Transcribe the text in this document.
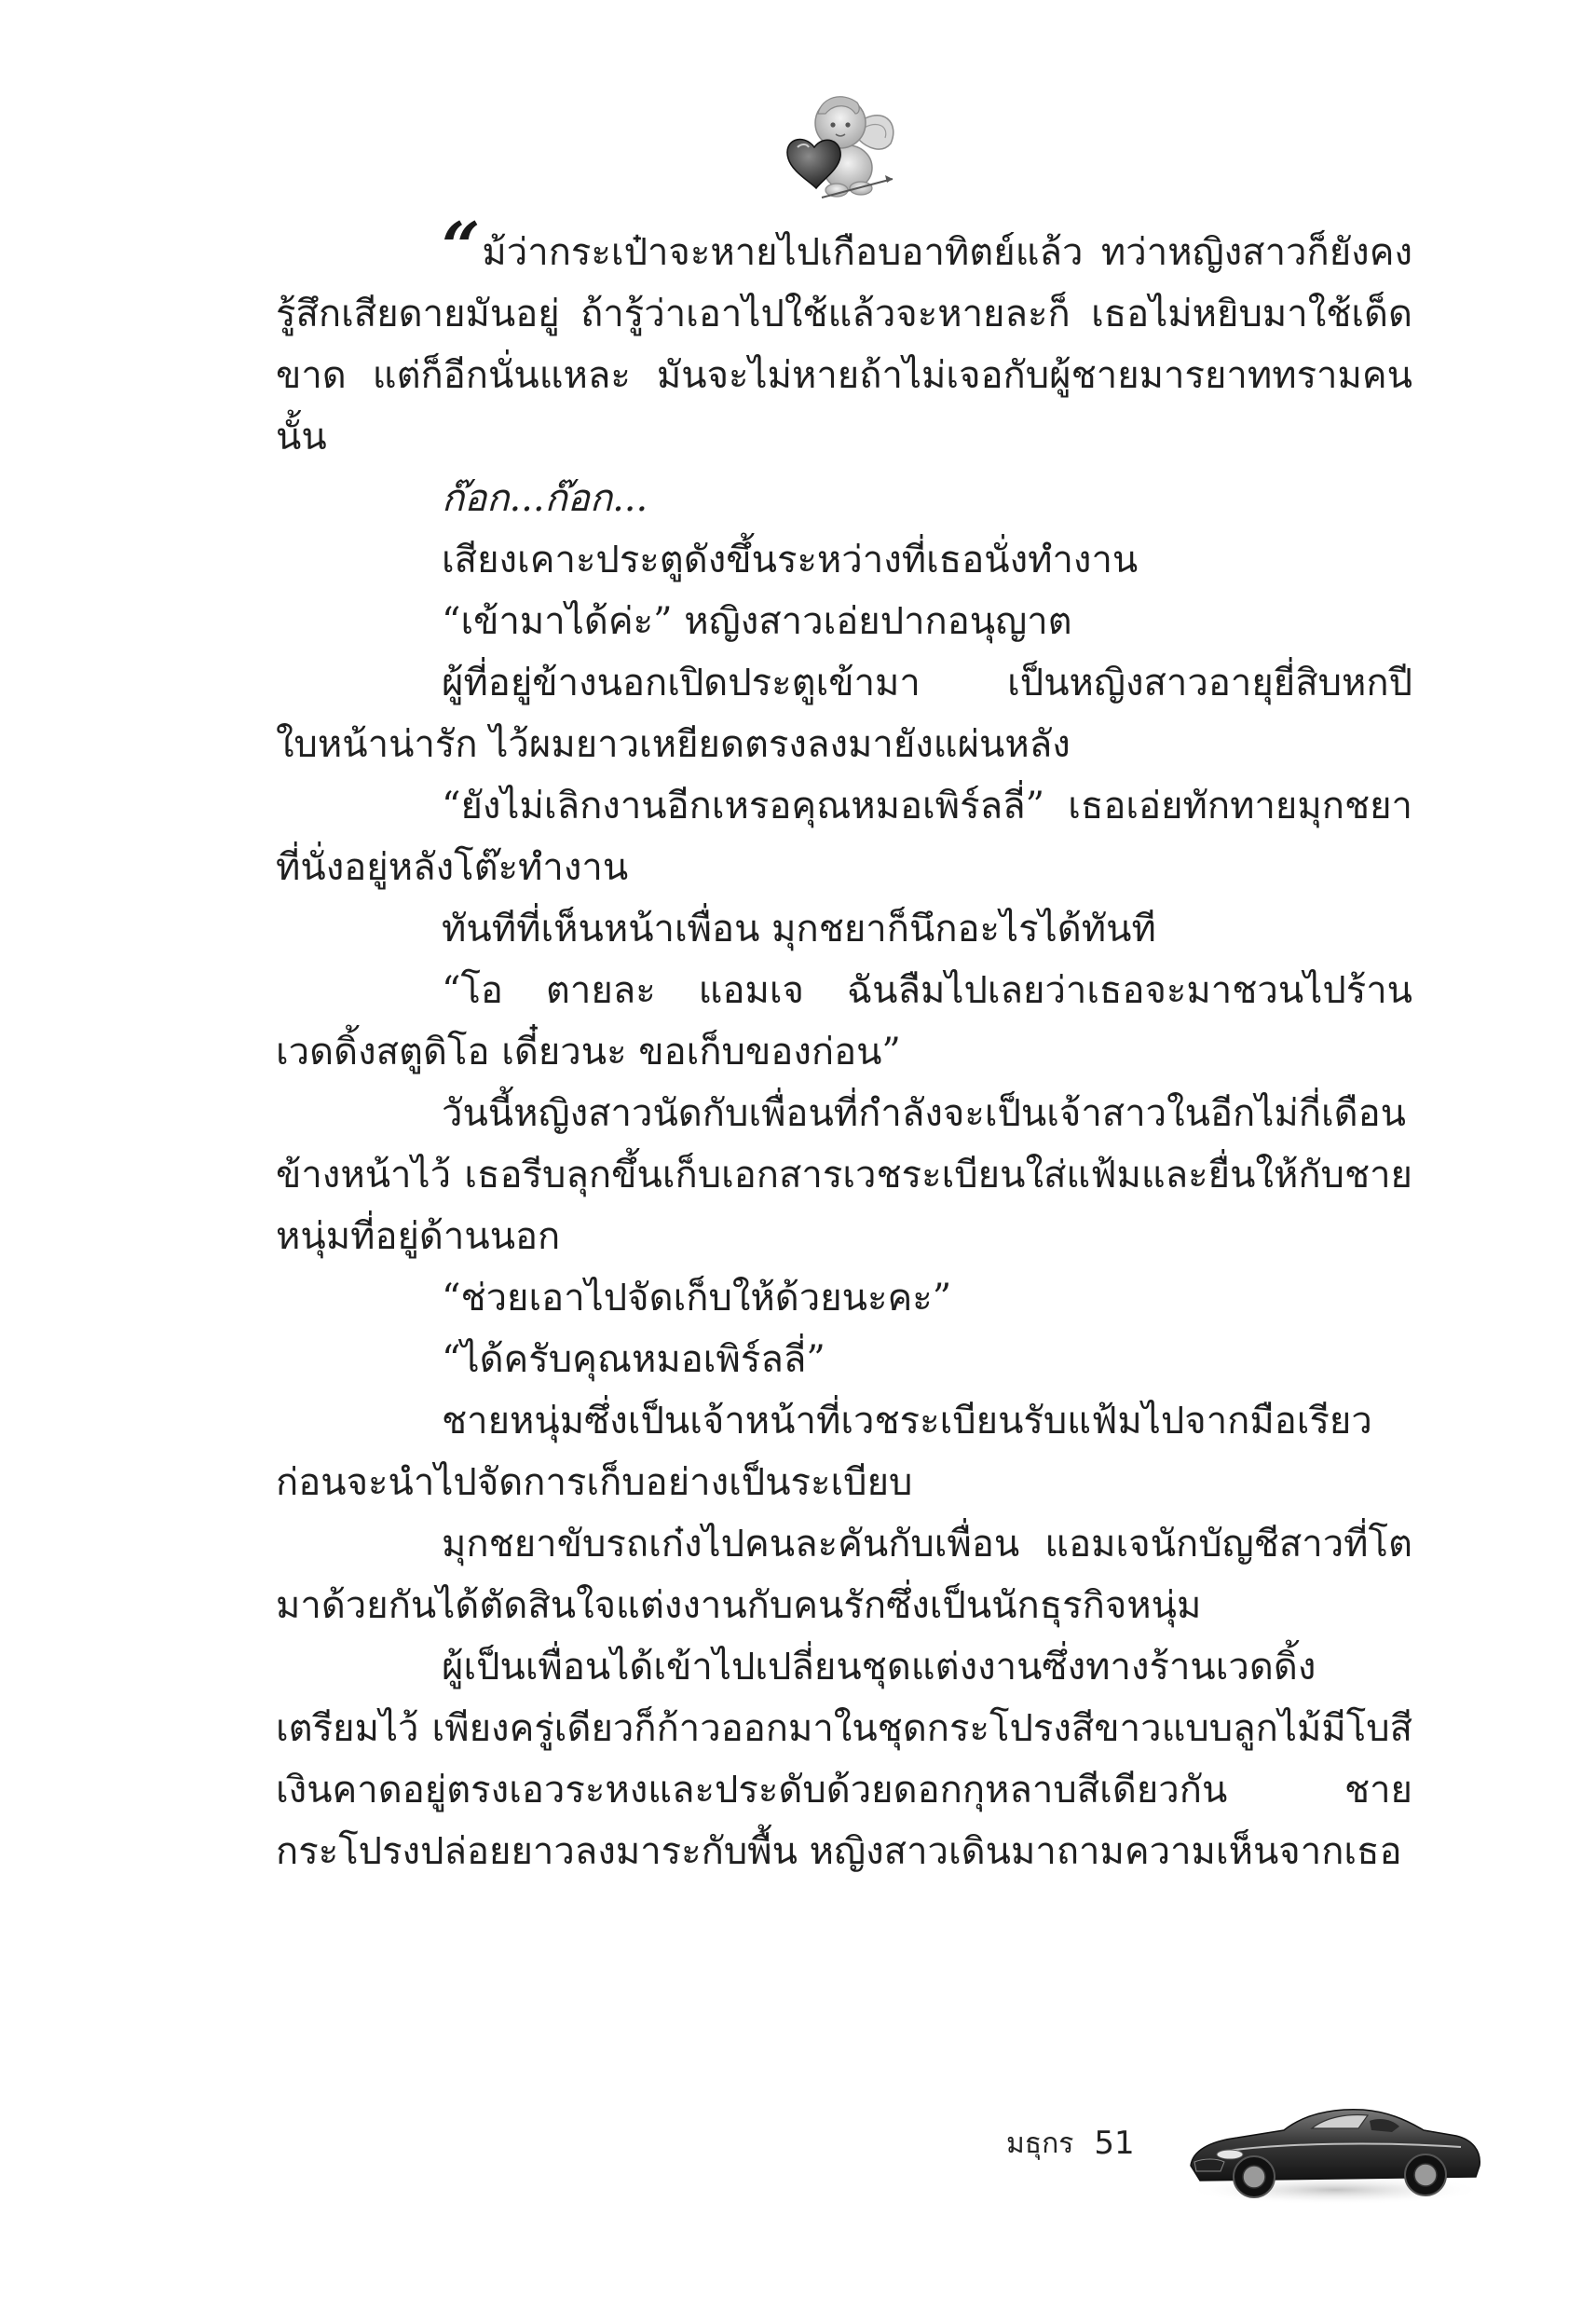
“ม้ว่ากระเป๋าจะหายไปเกือบอาทิตย์แล้ว ทว่าหญิงสาวก็ยังคงรู้สึกเสียดายมันอยู่ ถ้ารู้ว่าเอาไปใช้แล้วจะหายละก็ เธอไม่หยิบมาใช้เด็ดขาด แต่ก็อีกนั่นแหละ มันจะไม่หายถ้าไม่เจอกับผู้ชายมารยาททรามคนนั้น

ก๊อก...ก๊อก...

เสียงเคาะประตูดังขึ้นระหว่างที่เธอนั่งทำงาน

“เข้ามาได้ค่ะ” หญิงสาวเอ่ยปากอนุญาต

ผู้ที่อยู่ข้างนอกเปิดประตูเข้ามา เป็นหญิงสาวอายุยี่สิบหกปี ใบหน้าน่ารัก ไว้ผมยาวเหยียดตรงลงมายังแผ่นหลัง

“ยังไม่เลิกงานอีกเหรอคุณหมอเพิร์ลลี่” เธอเอ่ยทักทายมุกชยาที่นั่งอยู่หลังโต๊ะทำงาน

ทันทีที่เห็นหน้าเพื่อน มุกชยาก็นึกอะไรได้ทันที

“โอ ตายละ แอมเจ ฉันลืมไปเลยว่าเธอจะมาชวนไปร้านเวดดิ้งสตูดิโอ เดี๋ยวนะ ขอเก็บของก่อน”

วันนี้หญิงสาวนัดกับเพื่อนที่กำลังจะเป็นเจ้าสาวในอีกไม่กี่เดือนข้างหน้าไว้ เธอรีบลุกขึ้นเก็บเอกสารเวชระเบียนใส่แฟ้มและยื่นให้กับชายหนุ่มที่อยู่ด้านนอก

“ช่วยเอาไปจัดเก็บให้ด้วยนะคะ”

“ได้ครับคุณหมอเพิร์ลลี่”

ชายหนุ่มซึ่งเป็นเจ้าหน้าที่เวชระเบียนรับแฟ้มไปจากมือเรียวก่อนจะนำไปจัดการเก็บอย่างเป็นระเบียบ

มุกชยาขับรถเก๋งไปคนละคันกับเพื่อน แอมเจนักบัญชีสาวที่โตมาด้วยกันได้ตัดสินใจแต่งงานกับคนรักซึ่งเป็นนักธุรกิจหนุ่ม

ผู้เป็นเพื่อนได้เข้าไปเปลี่ยนชุดแต่งงานซึ่งทางร้านเวดดิ้งเตรียมไว้ เพียงครู่เดียวก็ก้าวออกมาในชุดกระโปรงสีขาวแบบลูกไม้มีโบสีเงินคาดอยู่ตรงเอวระหงและประดับด้วยดอกกุหลาบสีเดียวกัน ชายกระโปรงปล่อยยาวลงมาระกับพื้น หญิงสาวเดินมาถามความเห็นจากเธอ

มธุกร 51
